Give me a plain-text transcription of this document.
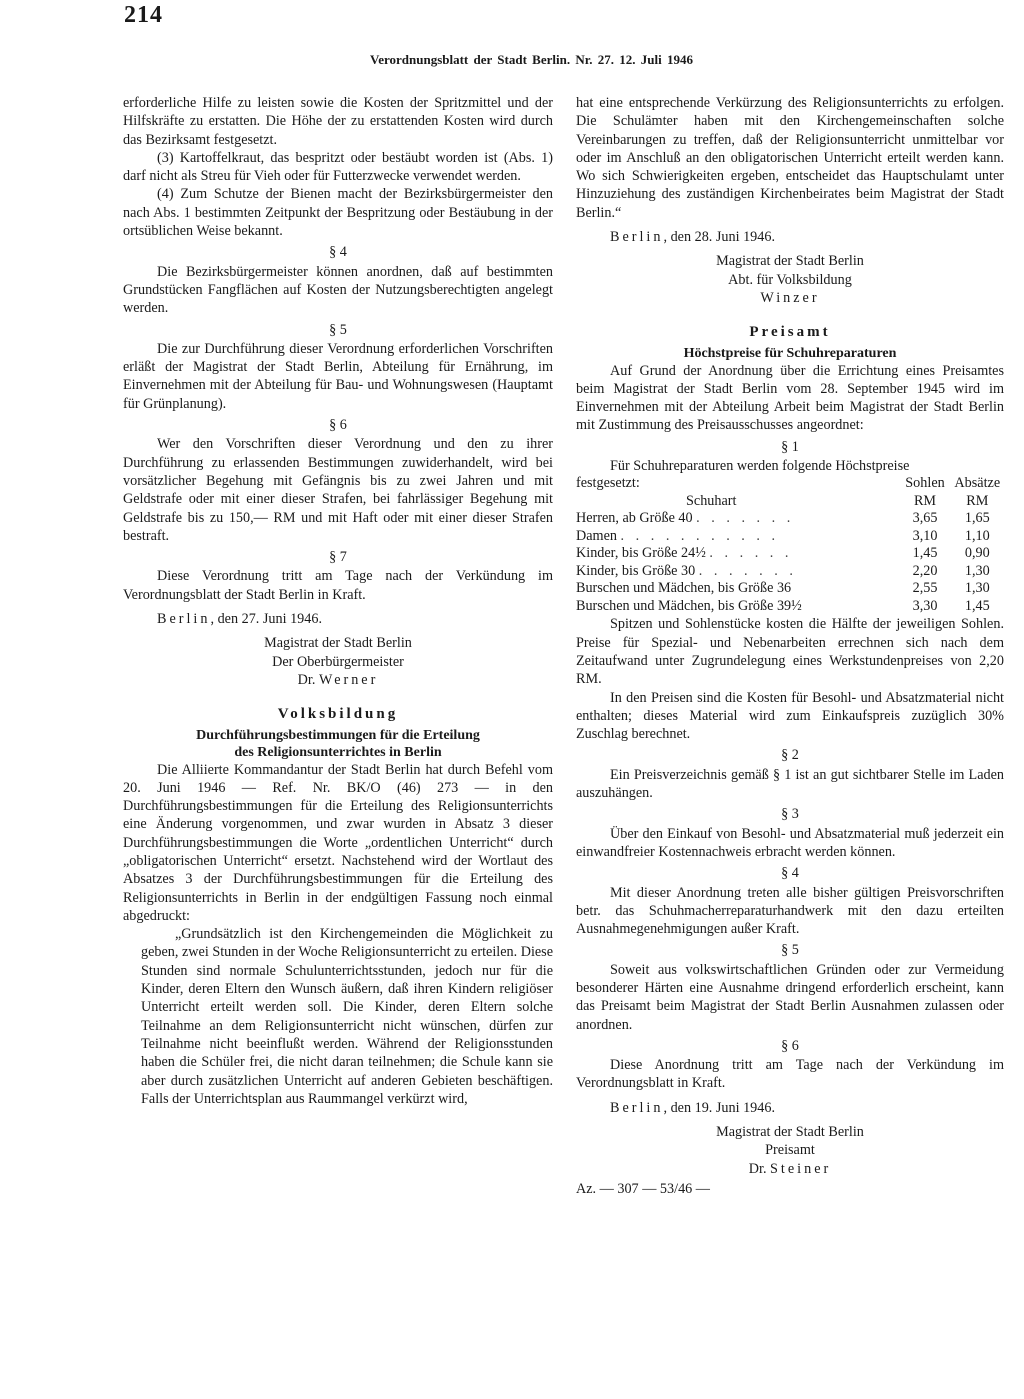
214
Verordnungsblatt der Stadt Berlin. Nr. 27. 12. Juli 1946

erforderliche Hilfe zu leisten sowie die Kosten der Spritzmittel und der Hilfskräfte zu erstatten. Die Höhe der zu erstattenden Kosten wird durch das Bezirksamt festgesetzt.

(3) Kartoffelkraut, das bespritzt oder bestäubt worden ist (Abs. 1) darf nicht als Streu für Vieh oder für Futterzwecke verwendet werden.

(4) Zum Schutze der Bienen macht der Bezirksbürgermeister den nach Abs. 1 bestimmten Zeitpunkt der Bespritzung oder Bestäubung in der ortsüblichen Weise bekannt.

§ 4

Die Bezirksbürgermeister können anordnen, daß auf bestimmten Grundstücken Fangflächen auf Kosten der Nutzungsberechtigten angelegt werden.

§ 5

Die zur Durchführung dieser Verordnung erforderlichen Vorschriften erläßt der Magistrat der Stadt Berlin, Abteilung für Ernährung, im Einvernehmen mit der Abteilung für Bau- und Wohnungswesen (Hauptamt für Grünplanung).

§ 6

Wer den Vorschriften dieser Verordnung und den zu ihrer Durchführung zu erlassenden Bestimmungen zuwiderhandelt, wird bei vorsätzlicher Begehung mit Gefängnis bis zu zwei Jahren und mit Geldstrafe oder mit einer dieser Strafen, bei fahrlässiger Begehung mit Geldstrafe bis zu 150,— RM und mit Haft oder mit einer dieser Strafen bestraft.

§ 7

Diese Verordnung tritt am Tage nach der Verkündung im Verordnungsblatt der Stadt Berlin in Kraft.

Berlin, den 27. Juni 1946.

Magistrat der Stadt Berlin

Der Oberbürgermeister

Dr. Werner

Volksbildung

Durchführungsbestimmungen für die Erteilung

des Religionsunterrichtes in Berlin

Die Alliierte Kommandantur der Stadt Berlin hat durch Befehl vom 20. Juni 1946 — Ref. Nr. BK/O (46) 273 — in den Durchführungsbestimmungen für die Erteilung des Religionsunterrichts eine Änderung vorgenommen, und zwar wurden in Absatz 3 dieser Durchführungsbestimmungen die Worte „ordentlichen Unterricht“ durch „obligatorischen Unterricht“ ersetzt. Nachstehend wird der Wortlaut des Absatzes 3 der Durchführungsbestimmungen für die Erteilung des Religionsunterrichts in Berlin in der endgültigen Fassung noch einmal abgedruckt:

„Grundsätzlich ist den Kirchengemeinden die Möglichkeit zu geben, zwei Stunden in der Woche Religionsunterricht zu erteilen. Diese Stunden sind normale Schulunterrichtsstunden, jedoch nur für die Kinder, deren Eltern den Wunsch äußern, daß ihren Kindern religiöser Unterricht erteilt werden soll. Die Kinder, deren Eltern solche Teilnahme an dem Religionsunterricht nicht wünschen, dürfen zur Teilnahme nicht beeinflußt werden. Während der Religionsstunden haben die Schüler frei, die nicht daran teilnehmen; die Schule kann sie aber durch zusätzlichen Unterricht auf anderen Gebieten beschäftigen. Falls der Unterrichtsplan aus Raummangel verkürzt wird,

hat eine entsprechende Verkürzung des Religionsunterrichts zu erfolgen. Die Schulämter haben mit den Kirchengemeinschaften solche Vereinbarungen zu treffen, daß der Religionsunterricht unmittelbar vor oder im Anschluß an den obligatorischen Unterricht erteilt werden kann. Wo sich Schwierigkeiten ergeben, entscheidet das Hauptschulamt unter Hinzuziehung des zuständigen Kirchenbeirates beim Magistrat der Stadt Berlin.“

Berlin, den 28. Juni 1946.

Magistrat der Stadt Berlin

Abt. für Volksbildung

Winzer

Preisamt

Höchstpreise für Schuhreparaturen

Auf Grund der Anordnung über die Errichtung eines Preisamtes beim Magistrat der Stadt Berlin vom 28. September 1945 wird im Einvernehmen mit der Abteilung Arbeit beim Magistrat der Stadt Berlin mit Zustimmung des Preisausschusses angeordnet:

§ 1

Für Schuhreparaturen werden folgende Höchstpreise

festgesetzt:	Sohlen	Absätze
Schuhart	RM	RM
Herren, ab Größe 40 . . . . . . .	3,65	1,65
Damen . . . . . . . . . . .	3,10	1,10
Kinder, bis Größe 24½ . . . . . .	1,45	0,90
Kinder, bis Größe 30 . . . . . . .	2,20	1,30
Burschen und Mädchen, bis Größe 36	2,55	1,30
Burschen und Mädchen, bis Größe 39½	3,30	1,45

Spitzen und Sohlenstücke kosten die Hälfte der jeweiligen Sohlen. Preise für Spezial- und Nebenarbeiten errechnen sich nach dem Zeitaufwand unter Zugrundelegung eines Werkstundenpreises von 2,20 RM.

In den Preisen sind die Kosten für Besohl- und Absatzmaterial nicht enthalten; dieses Material wird zum Einkaufspreis zuzüglich 30% Zuschlag berechnet.

§ 2

Ein Preisverzeichnis gemäß § 1 ist an gut sichtbarer Stelle im Laden auszuhängen.

§ 3

Über den Einkauf von Besohl- und Absatzmaterial muß jederzeit ein einwandfreier Kostennachweis erbracht werden können.

§ 4

Mit dieser Anordnung treten alle bisher gültigen Preisvorschriften betr. das Schuhmacherreparaturhandwerk mit den dazu erteilten Ausnahmegenehmigungen außer Kraft.

§ 5

Soweit aus volkswirtschaftlichen Gründen oder zur Vermeidung besonderer Härten eine Ausnahme dringend erforderlich erscheint, kann das Preisamt beim Magistrat der Stadt Berlin Ausnahmen zulassen oder anordnen.

§ 6

Diese Anordnung tritt am Tage nach der Verkündung im Verordnungsblatt in Kraft.

Berlin, den 19. Juni 1946.

Magistrat der Stadt Berlin

Preisamt

Dr. Steiner

Az. — 307 — 53/46 —
